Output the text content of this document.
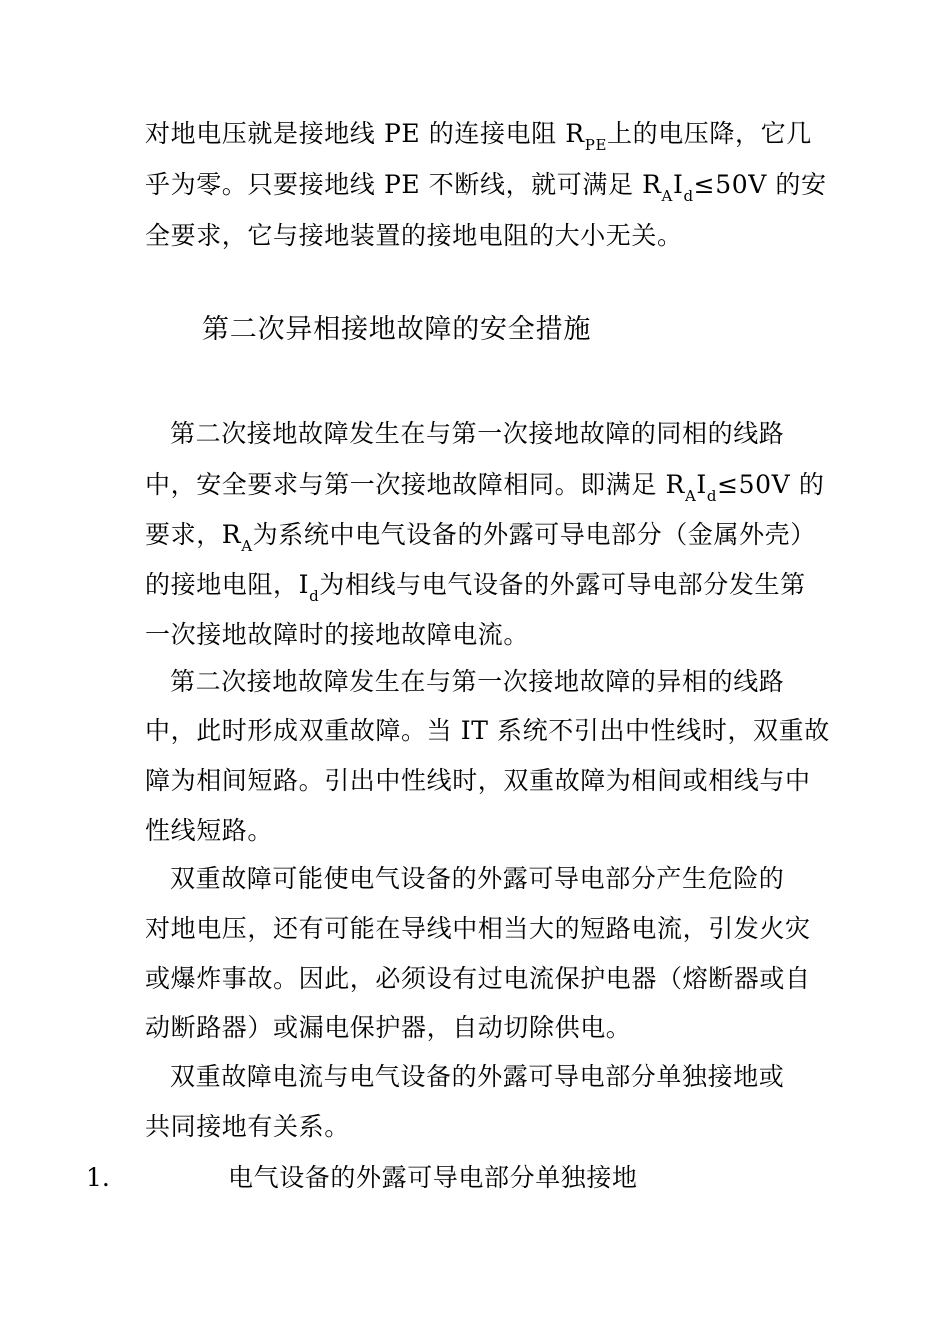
对地电压就是接地线 PE 的连接电阻 $R_{PE}$上的电压降，它几
乎为零。只要接地线 PE 不断线，就可满足 $R_AI_d\le 50V$ 的安
全要求，它与接地装置的接地电阻的大小无关。
第二次异相接地故障的安全措施
第二次接地故障发生在与第一次接地故障的同相的线路
中，安全要求与第一次接地故障相同。即满足 $R_AI_d\le 50V$ 的
要求，$R_A$为系统中电气设备的外露可导电部分（金属外壳）
的接地电阻，$I_d$为相线与电气设备的外露可导电部分发生第
一次接地故障时的接地故障电流。
第二次接地故障发生在与第一次接地故障的异相的线路
中，此时形成双重故障。当 IT 系统不引出中性线时，双重故
障为相间短路。引出中性线时，双重故障为相间或相线与中
性线短路。
双重故障可能使电气设备的外露可导电部分产生危险的
对地电压，还有可能在导线中相当大的短路电流，引发火灾
或爆炸事故。因此，必须设有过电流保护电器（熔断器或自
动断路器）或漏电保护器，自动切除供电。
双重故障电流与电气设备的外露可导电部分单独接地或
共同接地有关系。
1.	电气设备的外露可导电部分单独接地
